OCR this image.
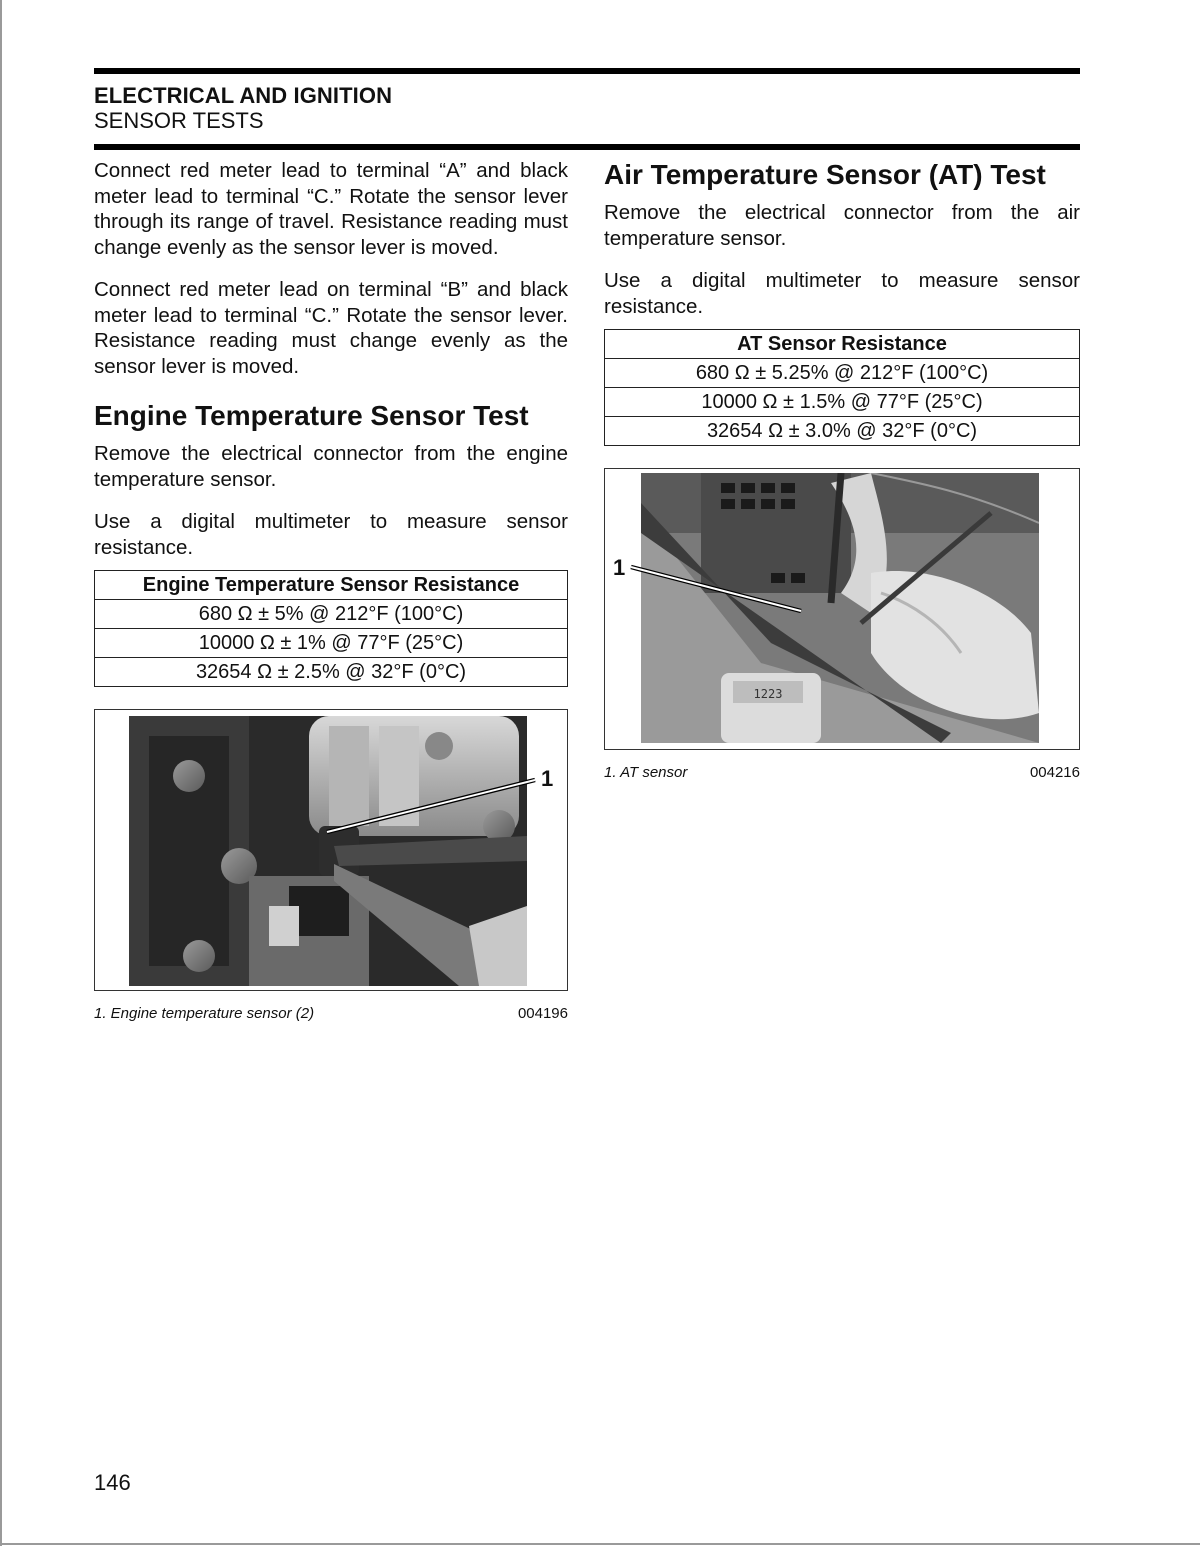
ELECTRICAL AND IGNITION
SENSOR TESTS

Connect red meter lead to terminal “A” and black meter lead to terminal “C.” Rotate the sensor lever through its range of travel. Resistance reading must change evenly as the sensor lever is moved.

Connect red meter lead on terminal “B” and black meter lead to terminal “C.” Rotate the sensor lever. Resistance reading must change evenly as the sensor lever is moved.

Engine Temperature Sensor Test

Remove the electrical connector from the engine temperature sensor.

Use a digital multimeter to measure sensor resistance.

Engine Temperature Sensor Resistance
680 Ω ± 5% @ 212°F (100°C)
10000 Ω ± 1% @ 77°F (25°C)
32654 Ω ± 2.5% @ 32°F (0°C)
1
1. Engine temperature sensor (2)	004196
Air Temperature Sensor (AT) Test

Remove the electrical connector from the air temperature sensor.

Use a digital multimeter to measure sensor resistance.

AT Sensor Resistance
680 Ω ± 5.25% @ 212°F (100°C)
10000 Ω ± 1.5% @ 77°F (25°C)
32654 Ω ± 3.0% @ 32°F (0°C)
1223
1
1. AT sensor	004216
146
